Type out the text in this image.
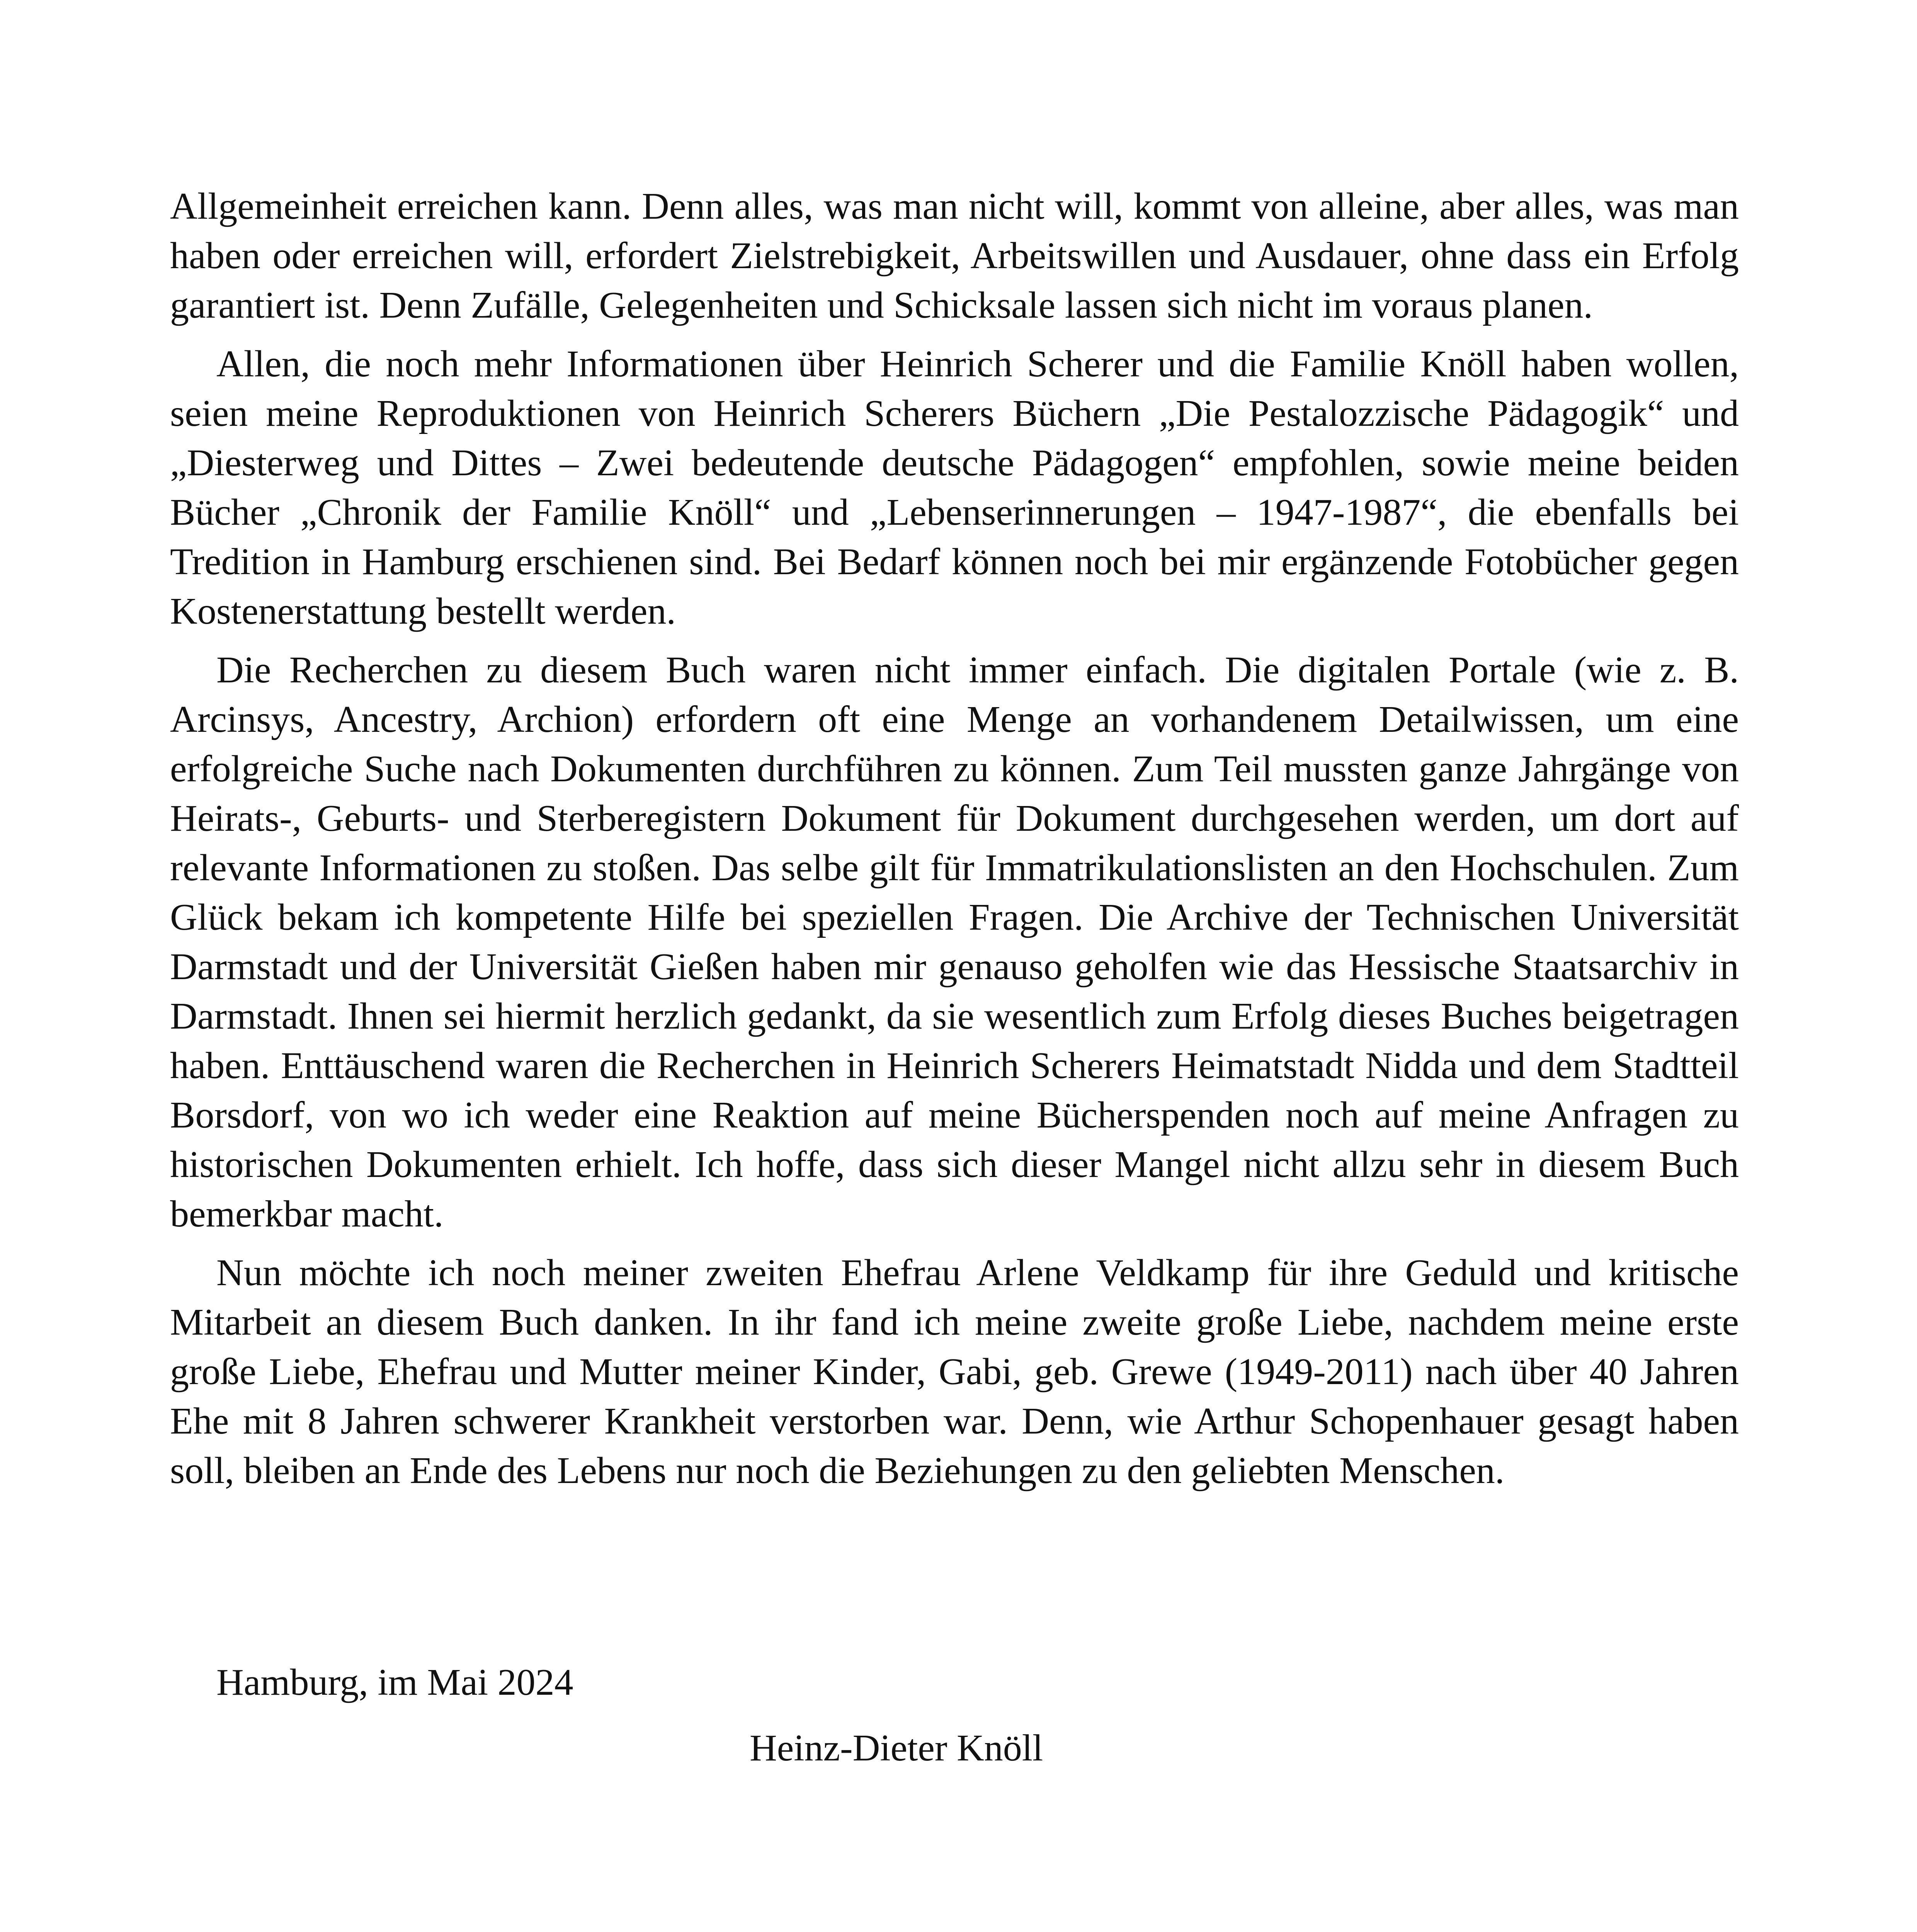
Allgemeinheit erreichen kann. Denn alles, was man nicht will, kommt von alleine, aber alles, was man haben oder erreichen will, erfordert Zielstrebigkeit, Arbeitswillen und Ausdauer, ohne dass ein Erfolg garantiert ist. Denn Zufälle, Gelegenheiten und Schicksale lassen sich nicht im voraus planen.

Allen, die noch mehr Informationen über Heinrich Scherer und die Familie Knöll haben wollen, seien meine Reproduktionen von Heinrich Scherers Büchern „Die Pestalozzische Pädagogik“ und „Diesterweg und Dittes – Zwei bedeutende deutsche Pädagogen“ empfohlen, sowie meine beiden Bücher „Chronik der Familie Knöll“ und „Lebenserinnerungen – 1947-1987“, die ebenfalls bei Tredition in Hamburg erschienen sind. Bei Bedarf können noch bei mir ergänzende Fotobücher gegen Kostenerstattung bestellt werden.

Die Recherchen zu diesem Buch waren nicht immer einfach. Die digitalen Portale (wie z. B. Arcinsys, Ancestry, Archion) erfordern oft eine Menge an vorhandenem Detailwissen, um eine erfolgreiche Suche nach Dokumenten durchführen zu können. Zum Teil mussten ganze Jahrgänge von Heirats-, Geburts- und Sterberegistern Dokument für Dokument durchgesehen werden, um dort auf relevante Informationen zu stoßen. Das selbe gilt für Immatrikulationslisten an den Hochschulen. Zum Glück bekam ich kompetente Hilfe bei speziellen Fragen. Die Archive der Technischen Universität Darmstadt und der Universität Gießen haben mir genauso geholfen wie das Hessische Staatsarchiv in Darmstadt. Ihnen sei hiermit herzlich gedankt, da sie wesentlich zum Erfolg dieses Buches beigetragen haben. Enttäuschend waren die Recherchen in Heinrich Scherers Heimatstadt Nidda und dem Stadtteil Borsdorf, von wo ich weder eine Reaktion auf meine Bücherspenden noch auf meine Anfragen zu historischen Dokumenten erhielt. Ich hoffe, dass sich dieser Mangel nicht allzu sehr in diesem Buch bemerkbar macht.

Nun möchte ich noch meiner zweiten Ehefrau Arlene Veldkamp für ihre Geduld und kritische Mitarbeit an diesem Buch danken. In ihr fand ich meine zweite große Liebe, nachdem meine erste große Liebe, Ehefrau und Mutter meiner Kinder, Gabi, geb. Grewe (1949-2011) nach über 40 Jahren Ehe mit 8 Jahren schwerer Krankheit verstorben war. Denn, wie Arthur Schopenhauer gesagt haben soll, bleiben an Ende des Lebens nur noch die Beziehungen zu den geliebten Menschen.

Hamburg, im Mai 2024

Heinz-Dieter Knöll
